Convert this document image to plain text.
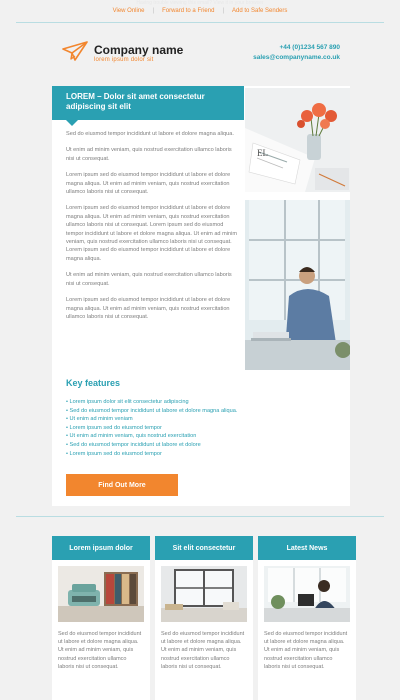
Having trouble viewing this email? View it in your browser
View Online | Forward to a Friend | Add to Safe Senders
Company name
lorem ipsum dolor sit
+44 (0)1234 567 890
sales@companyname.co.uk
LOREM – Dolor sit amet consectetur adipiscing sit elit

Sed do eiusmod tempor incididunt ut labore et dolore magna aliqua.

Ut enim ad minim veniam, quis nostrud exercitation ullamco laboris nisi ut consequat.

Lorem ipsum sed do eiusmod tempor incididunt ut labore et dolore magna aliqua. Ut enim ad minim veniam, quis nostrud exercitation ullamco laboris nisi ut consequat.

Lorem ipsum sed do eiusmod tempor incididunt ut labore et dolore magna aliqua. Ut enim ad minim veniam, quis nostrud exercitation ullamco laboris nisi ut consequat. Lorem ipsum sed do eiusmod tempor incididunt ut labore et dolore magna aliqua. Ut enim ad minim veniam, quis nostrud exercitation ullamco laboris nisi ut consequat. Lorem ipsum sed do eiusmod tempor incididunt ut labore et dolore magna aliqua.

Ut enim ad minim veniam, quis nostrud exercitation ullamco laboris nisi ut consequat.

Lorem ipsum sed do eiusmod tempor incididunt ut labore et dolore magna aliqua. Ut enim ad minim veniam, quis nostrud exercitation ullamco laboris nisi ut consequat.

EL
Key features
• Lorem ipsum dolor sit elit consectetur adipiscing
• Sed do eiusmod tempor incididunt ut labore et dolore magna aliqua.
• Ut enim ad minim veniam
• Lorem ipsum sed do eiusmod tempor
• Ut enim ad minim veniam, quis nostrud exercitation
• Sed do eiusmod tempor incididunt ut labore et dolore
• Lorem ipsum sed do eiusmod tempor
Find Out More
Lorem ipsum dolor
Sed do eiusmod tempor incididunt ut labore et dolore magna aliqua. Ut enim ad minim veniam, quis nostrud exercitation ullamco laboris nisi ut consequat.
Sit elit consectetur
Sed do eiusmod tempor incididunt ut labore et dolore magna aliqua. Ut enim ad minim veniam, quis nostrud exercitation ullamco laboris nisi ut consequat.
Latest News
Sed do eiusmod tempor incididunt ut labore et dolore magna aliqua. Ut enim ad minim veniam, quis nostrud exercitation ullamco laboris nisi ut consequat.
